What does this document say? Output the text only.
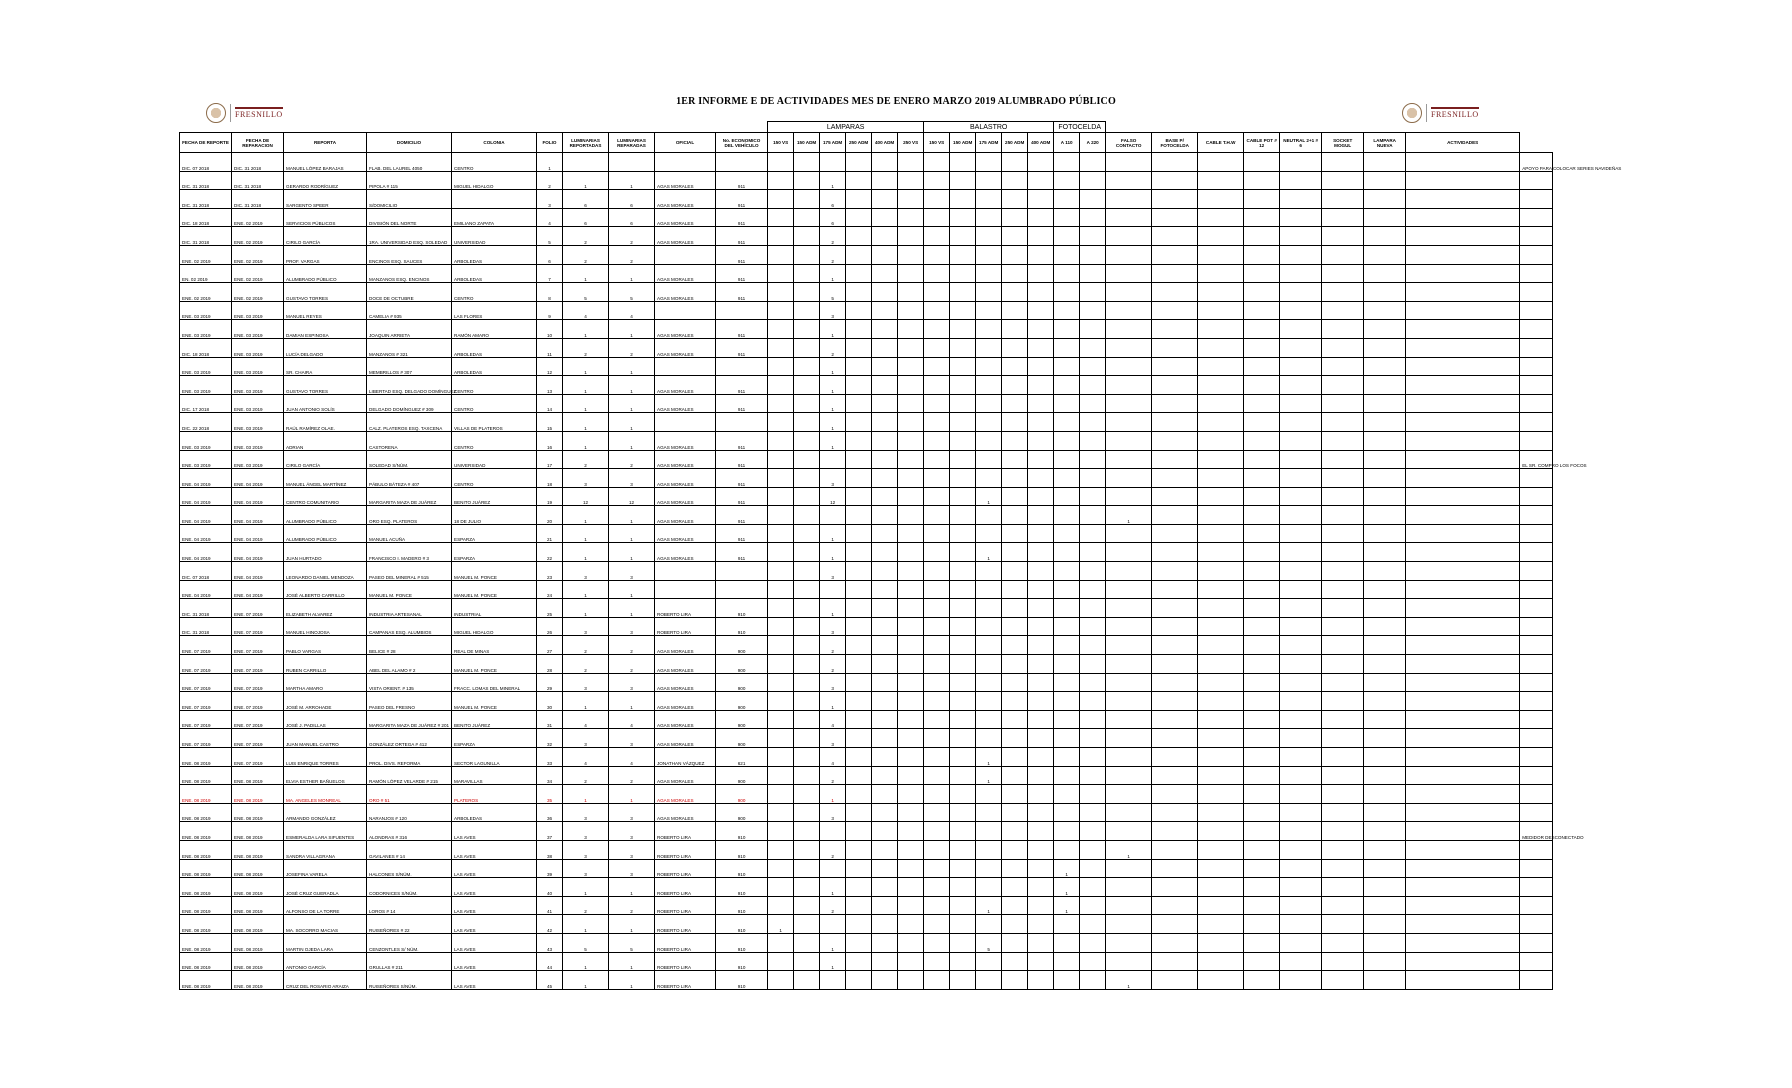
1ER INFORME E DE ACTIVIDADES MES DE ENERO MARZO 2019 ALUMBRADO PÚBLICO
FRESNILLO	FRESNILLO
										LAMPARAS						BALASTRO					FOTOCELDA										
FECHA DE REPORTE	FECHA DE REPARACION	REPORTA	DOMICILIO	COLONIA	FOLIO	LUMINARIAS REPORTADAS	LUMINARIAS REPARADAS	OFICIAL	No. ECONOMICO DEL VEHÍCULO	150 VS	150 ADM	175 ADM	250 ADM	400 ADM	250 VS	150 VS	150 ADM	175 ADM	250 ADM	400 ADM	A 110	A 220	FALSO CONTACTO	BASE P/ FOTOCELDA	CABLE T.H.W	CABLE POT # 12	NEUTRAL 2+1 # 6	SOCKET MOGUL	LAMPARA NUEVA	ACTIVIDADES	
DIC. 07 2018	DIC. 31 2018	MANUEL LÓPEZ BARAJAS	FLAB. DEL LAUREL 4050	CENTRO	1																										APOYO PARA COLOCAR SERIES NAVIDEÑAS
DIC. 31 2018	DIC. 31 2018	GERARDO RODRÍGUEZ	PIPOLA # 115	MIGUEL HIDALGO	2	1	1	AGAS MORALES	911			1																			
DIC. 31 2018	DIC. 31 2018	SARGENTO SPEER	S/DOMICILIO		3	6	6	AGAS MORALES	911			6																			
DIC. 18 2018	ENE. 02 2019	SERVICIOS PÚBLICOS	DIVISIÓN DEL NORTE	EMILIANO ZAPATA	4	6	6	AGAS MORALES	911			6																			
DIC. 31 2018	ENE. 02 2019	CIRILO GARCÍA	1RA. UNIVERSIDAD ESQ. SOLEDAD	UNIVERSIDAD	5	2	2	AGAS MORALES	911			2																			
ENE. 02 2019	ENE. 02 2019	PROF. VARGAS	ENCINOS ESQ. SAUCES	ARBOLEDAS	6	2	2		911			2																			
EN. 02 2019	ENE. 02 2019	ALUMBRADO PÚBLICO	MANZANOS ESQ. ENCINOS	ARBOLEDAS	7	1	1	AGAS MORALES	911			1																			
ENE. 02 2019	ENE. 02 2019	GUSTAVO TORRES	DOCE DE OCTUBRE	CENTRO	8	5	5	AGAS MORALES	911			5																			
ENE. 03 2019	ENE. 03 2019	MANUEL REYES	CAMELIA # 935	LAS FLORES	9	4	4					3																			
ENE. 03 2019	ENE. 03 2019	DAMIAN ESPINOSA	JOAQUIN ARRIETA	RAMÓN AMARO	10	1	1	AGAS MORALES	911			1																			
DIC. 18 2018	ENE. 03 2019	LUCÍA DELGADO	MANZANOS # 321	ARBOLEDAS	11	2	2	AGAS MORALES	911			2																			
ENE. 03 2019	ENE. 03 2019	SR. CHAIRA	MEMBRILLOS # 307	ARBOLEDAS	12	1	1					1																			
ENE. 03 2019	ENE. 03 2019	GUSTAVO TORRES	LIBERTAD ESQ. DELGADO DOMÍNGUEZ	CENTRO	13	1	1	AGAS MORALES	911			1																			
DIC. 17 2018	ENE. 03 2019	JUAN ANTONIO SOLÍS	DELGADO DOMÍNGUEZ # 309	CENTRO	14	1	1	AGAS MORALES	911			1																			
DIC. 22 2018	ENE. 03 2019	RAÚL RAMÍREZ OLAE.	CALZ. PLATEROS ESQ. TAXCENA	VILLAS DE PLATEROS	15	1	1					1																			
ENE. 03 2019	ENE. 03 2019	ADRIAN	CASTORENA	CENTRO	16	1	1	AGAS MORALES	911			1																			
ENE. 03 2019	ENE. 03 2019	CIRILO GARCÍA	SOLEDAD S/NÚM.	UNIVERSIDAD	17	2	2	AGAS MORALES	911																						EL SR. COMPRO LOS FOCOS
ENE. 04 2019	ENE. 04 2019	MANUEL ÁNGEL MARTÍNEZ	PÁBULO BÁTEZA # 407	CENTRO	18	3	3	AGAS MORALES	911			3																			
ENE. 04 2019	ENE. 04 2019	CENTRO COMUNITARIO	MARGARITA MAZA DE JUÁREZ	BENITO JUÁREZ	19	12	12	AGAS MORALES	911			12						1													
ENE. 04 2019	ENE. 04 2019	ALUMBRADO PÚBLICO	ORO ESQ. PLATEROS	18 DE JULIO	20	1	1	AGAS MORALES	911														1								
ENE. 04 2019	ENE. 04 2019	ALUMBRADO PÚBLICO	MANUEL ACUÑA	ESPARZA	21	1	1	AGAS MORALES	911			1																			
ENE. 04 2019	ENE. 04 2019	JUAN HURTADO	FRANCISCO I. MADERO # 3	ESPARZA	22	1	1	AGAS MORALES	911			1						1													
DIC. 07 2018	ENE. 04 2019	LEONARDO DANIEL MENDOZA	PASEO DEL MINERAL # 515	MANUEL M. PONCE	23	3	3					3																			
ENE. 04 2019	ENE. 04 2019	JOSÉ ALBERTO CARRILLO	MANUEL M. PONCE	MANUEL M. PONCE	24	1	1																								
DIC. 31 2018	ENE. 07 2019	ELIZABETH ALVAREZ	INDUSTRIA ARTESANAL	INDUSTRIAL	25	1	1	ROBERTO LIRA	910			1																			
DIC. 31 2018	ENE. 07 2019	MANUEL HINOJOSA	CAMPANAS ESQ. ALUMBIOS	MIGUEL HIDALGO	26	3	3	ROBERTO LIRA	910			3																			
ENE. 07 2019	ENE. 07 2019	PABLO VARGAS	BELICE # 28	REAL DE MINAS	27	2	2	AGAS MORALES	900			2																			
ENE. 07 2019	ENE. 07 2019	RUBEN CARRILLO	ABEL DEL ALAMO # 2	MANUEL M. PONCE	28	2	2	AGAS MORALES	900			2																			
ENE. 07 2019	ENE. 07 2019	MARTHA AMARO	VISTA ORIENT. # 135	FRACC. LOMAS DEL MINERAL	29	3	3	AGAS MORALES	900			3																			
ENE. 07 2019	ENE. 07 2019	JOSÉ M. ARROHADE	PASEO DEL FRESNO	MANUEL M. PONCE	30	1	1	AGAS MORALES	900			1																			
ENE. 07 2019	ENE. 07 2019	JOSÉ J. PADILLAS	MARGARITA MAZA DE JUÁREZ # 201	BENITO JUÁREZ	31	4	4	AGAS MORALES	900			4																			
ENE. 07 2019	ENE. 07 2019	JUAN MANUEL CASTRO	GONZÁLEZ ORTEGA # 412	ESPARZA	32	3	3	AGAS MORALES	900			3																			
ENE. 08 2019	ENE. 07 2019	LUIS ENRIQUE TORRES	PROL. DIVS. REFORMA	SECTOR LAGUNILLA	33	4	4	JONATHAN VÁZQUEZ	621			4						1													
ENE. 08 2019	ENE. 08 2019	ELVIA ESTHER BAÑUELOS	RAMÓN LÓPEZ VELARDE # 215	MARAVILLAS	34	2	2	AGAS MORALES	900			2						1													
ENE. 08 2019	ENE. 08 2019	MA. ANGELES MONREAL	ORO # 51	PLATEROS	35	1	1	AGAS MORALES	900			1																			
ENE. 08 2019	ENE. 08 2019	ARMANDO GONZÁLEZ	NARANJOS # 120	ARBOLEDAS	36	3	3	AGAS MORALES	900			3																			
ENE. 08 2019	ENE. 08 2019	ESMERALDA LARA SIFUENTES	ALONDRAS # 316	LAS AVES	37	3	3	ROBERTO LIRA	910																						MEDIDOR DESCONECTADO
ENE. 08 2019	ENE. 08 2019	SANDRA VILLAGRANA	GAVILANES # 14	LAS AVES	38	3	3	ROBERTO LIRA	910			2											1								
ENE. 08 2019	ENE. 08 2019	JOSEFINA VARELA	HALCONES S/NÚM.	LAS AVES	39	3	3	ROBERTO LIRA	910												1										
ENE. 08 2019	ENE. 08 2019	JOSÉ CRUZ GUERADLA	CODORNICES S/NÚM.	LAS AVES	40	1	1	ROBERTO LIRA	910			1									1										
ENE. 08 2019	ENE. 08 2019	ALFONSO DE LA TORRE	LOROS # 14	LAS AVES	41	2	2	ROBERTO LIRA	910			2						1			1										
ENE. 08 2019	ENE. 08 2019	MA. SOCORRO MACIAS	RUISEÑORES # 22	LAS AVES	42	1	1	ROBERTO LIRA	910	1																					
ENE. 08 2019	ENE. 08 2019	MARTIN OJEDA LARA	CENZONTLES S/ NÚM.	LAS AVES	43	5	5	ROBERTO LIRA	910			1						5													
ENE. 08 2019	ENE. 08 2019	ANTONIO GARCÍA	GRULLAS # 211	LAS AVES	44	1	1	ROBERTO LIRA	910			1																			
ENE. 08 2019	ENE. 08 2019	CRUZ DEL ROSARIO ARAIZA	RUISEÑORES S/NÚM.	LAS AVES	45	1	1	ROBERTO LIRA	910														1								
